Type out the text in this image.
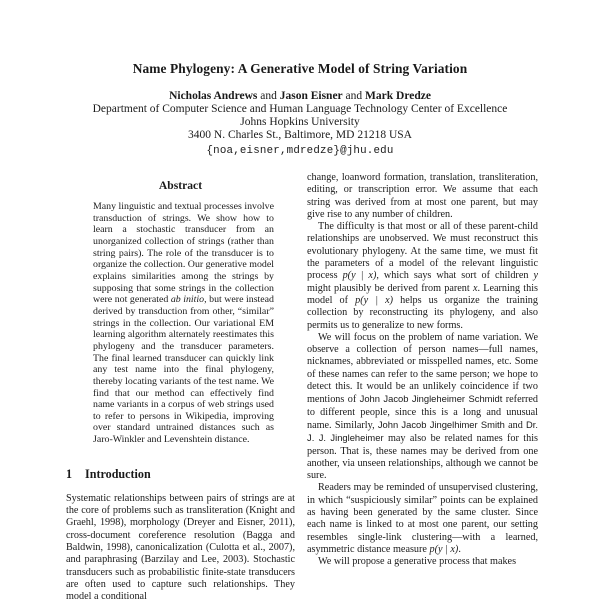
Name Phylogeny: A Generative Model of String Variation
Nicholas Andrews and Jason Eisner and Mark Dredze
Department of Computer Science and Human Language Technology Center of Excellence
Johns Hopkins University
3400 N. Charles St., Baltimore, MD 21218 USA
{noa,eisner,mdredze}@jhu.edu
Abstract
Many linguistic and textual processes involve transduction of strings. We show how to learn a stochastic transducer from an unorganized collection of strings (rather than string pairs). The role of the transducer is to organize the collection. Our generative model explains similarities among the strings by supposing that some strings in the collection were not generated ab initio, but were instead derived by transduction from other, “similar” strings in the collection. Our variational EM learning algorithm alternately reestimates this phylogeny and the transducer parameters. The final learned transducer can quickly link any test name into the final phylogeny, thereby locating variants of the test name. We find that our method can effectively find name variants in a corpus of web strings used to refer to persons in Wikipedia, improving over standard untrained distances such as Jaro-Winkler and Levenshtein distance.
1 Introduction

Systematic relationships between pairs of strings are at the core of problems such as transliteration (Knight and Graehl, 1998), morphology (Dreyer and Eisner, 2011), cross-document coreference resolution (Bagga and Baldwin, 1998), canonicalization (Culotta et al., 2007), and paraphrasing (Barzilay and Lee, 2003). Stochastic transducers such as probabilistic finite-state transducers are often used to capture such relationships. They model a conditional

change, loanword formation, translation, transliteration, editing, or transcription error. We assume that each string was derived from at most one parent, but may give rise to any number of children.

The difficulty is that most or all of these parent-child relationships are unobserved. We must reconstruct this evolutionary phylogeny. At the same time, we must fit the parameters of a model of the relevant linguistic process p(y | x), which says what sort of children y might plausibly be derived from parent x. Learning this model of p(y | x) helps us organize the training collection by reconstructing its phylogeny, and also permits us to generalize to new forms.

We will focus on the problem of name variation. We observe a collection of person names—full names, nicknames, abbreviated or misspelled names, etc. Some of these names can refer to the same person; we hope to detect this. It would be an unlikely coincidence if two mentions of John Jacob Jingleheimer Schmidt referred to different people, since this is a long and unusual name. Similarly, John Jacob Jingelhimer Smith and Dr. J. J. Jingleheimer may also be related names for this person. That is, these names may be derived from one another, via unseen relationships, although we cannot be sure.

Readers may be reminded of unsupervised clustering, in which “suspiciously similar” points can be explained as having been generated by the same cluster. Since each name is linked to at most one parent, our setting resembles single-link clustering—with a learned, asymmetric distance measure p(y | x).

We will propose a generative process that makes
